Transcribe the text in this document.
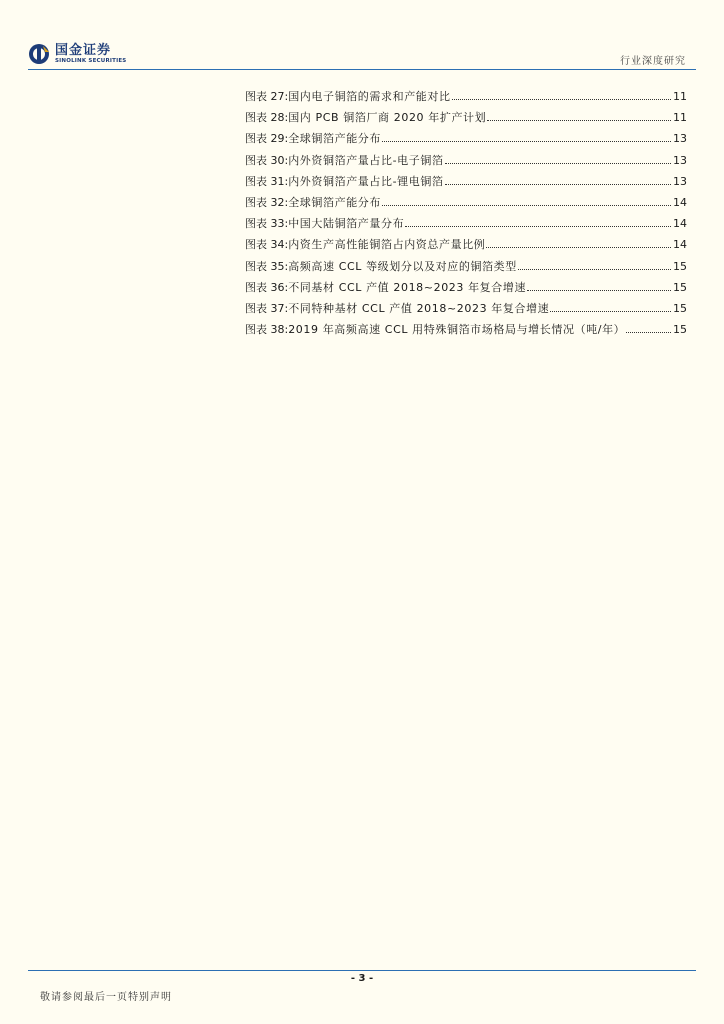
国金证券
SINOLINK SECURITIES	行业深度研究
图表 27: 国内电子铜箔的需求和产能对比	11
图表 28: 国内 PCB 铜箔厂商 2020 年扩产计划	11
图表 29: 全球铜箔产能分布	13
图表 30: 内外资铜箔产量占比-电子铜箔	13
图表 31: 内外资铜箔产量占比-锂电铜箔	13
图表 32: 全球铜箔产能分布	14
图表 33: 中国大陆铜箔产量分布	14
图表 34: 内资生产高性能铜箔占内资总产量比例	14
图表 35: 高频高速 CCL 等级划分以及对应的铜箔类型	15
图表 36: 不同基材 CCL 产值 2018~2023 年复合增速	15
图表 37: 不同特种基材 CCL 产值 2018~2023 年复合增速	15
图表 38: 2019 年高频高速 CCL 用特殊铜箔市场格局与增长情况（吨/年）	15
- 3 -
敬请参阅最后一页特别声明
